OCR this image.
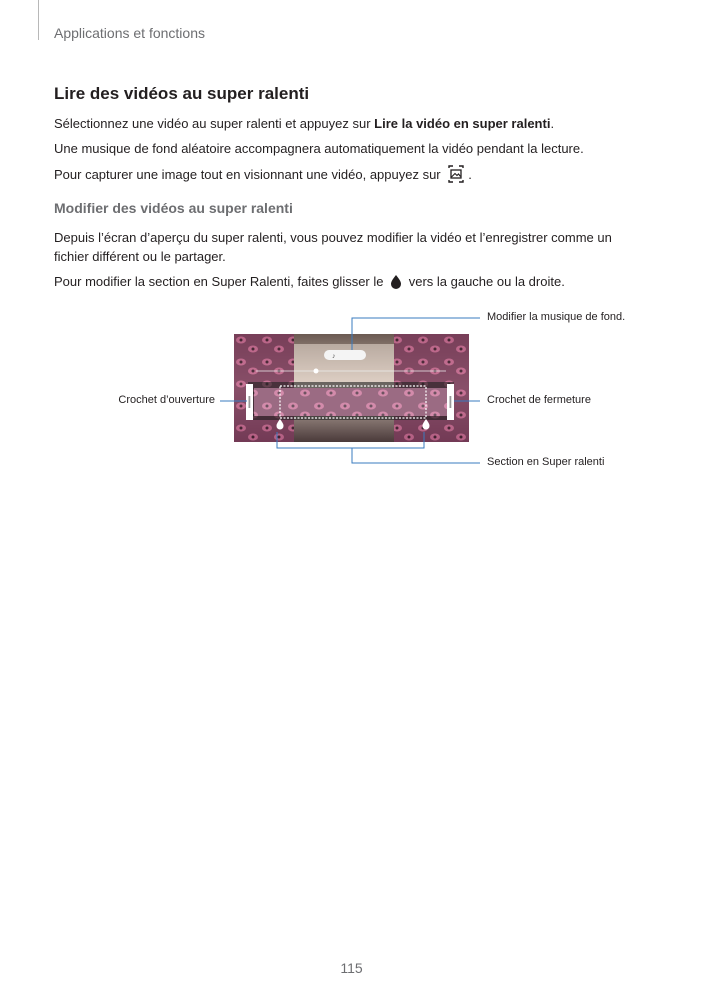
Applications et fonctions
Lire des vidéos au super ralenti
Sélectionnez une vidéo au super ralenti et appuyez sur Lire la vidéo en super ralenti.
Une musique de fond aléatoire accompagnera automatiquement la vidéo pendant la lecture.
Pour capturer une image tout en visionnant une vidéo, appuyez sur .
Modifier des vidéos au super ralenti
Depuis l’écran d’aperçu du super ralenti, vous pouvez modifier la vidéo et l’enregistrer comme un
fichier différent ou le partager.
Pour modifier la section en Super Ralenti, faites glisser le  vers la gauche ou la droite.
♪
Modifier la musique de fond.
Crochet d’ouverture	Crochet de fermeture
Section en Super ralenti
115
